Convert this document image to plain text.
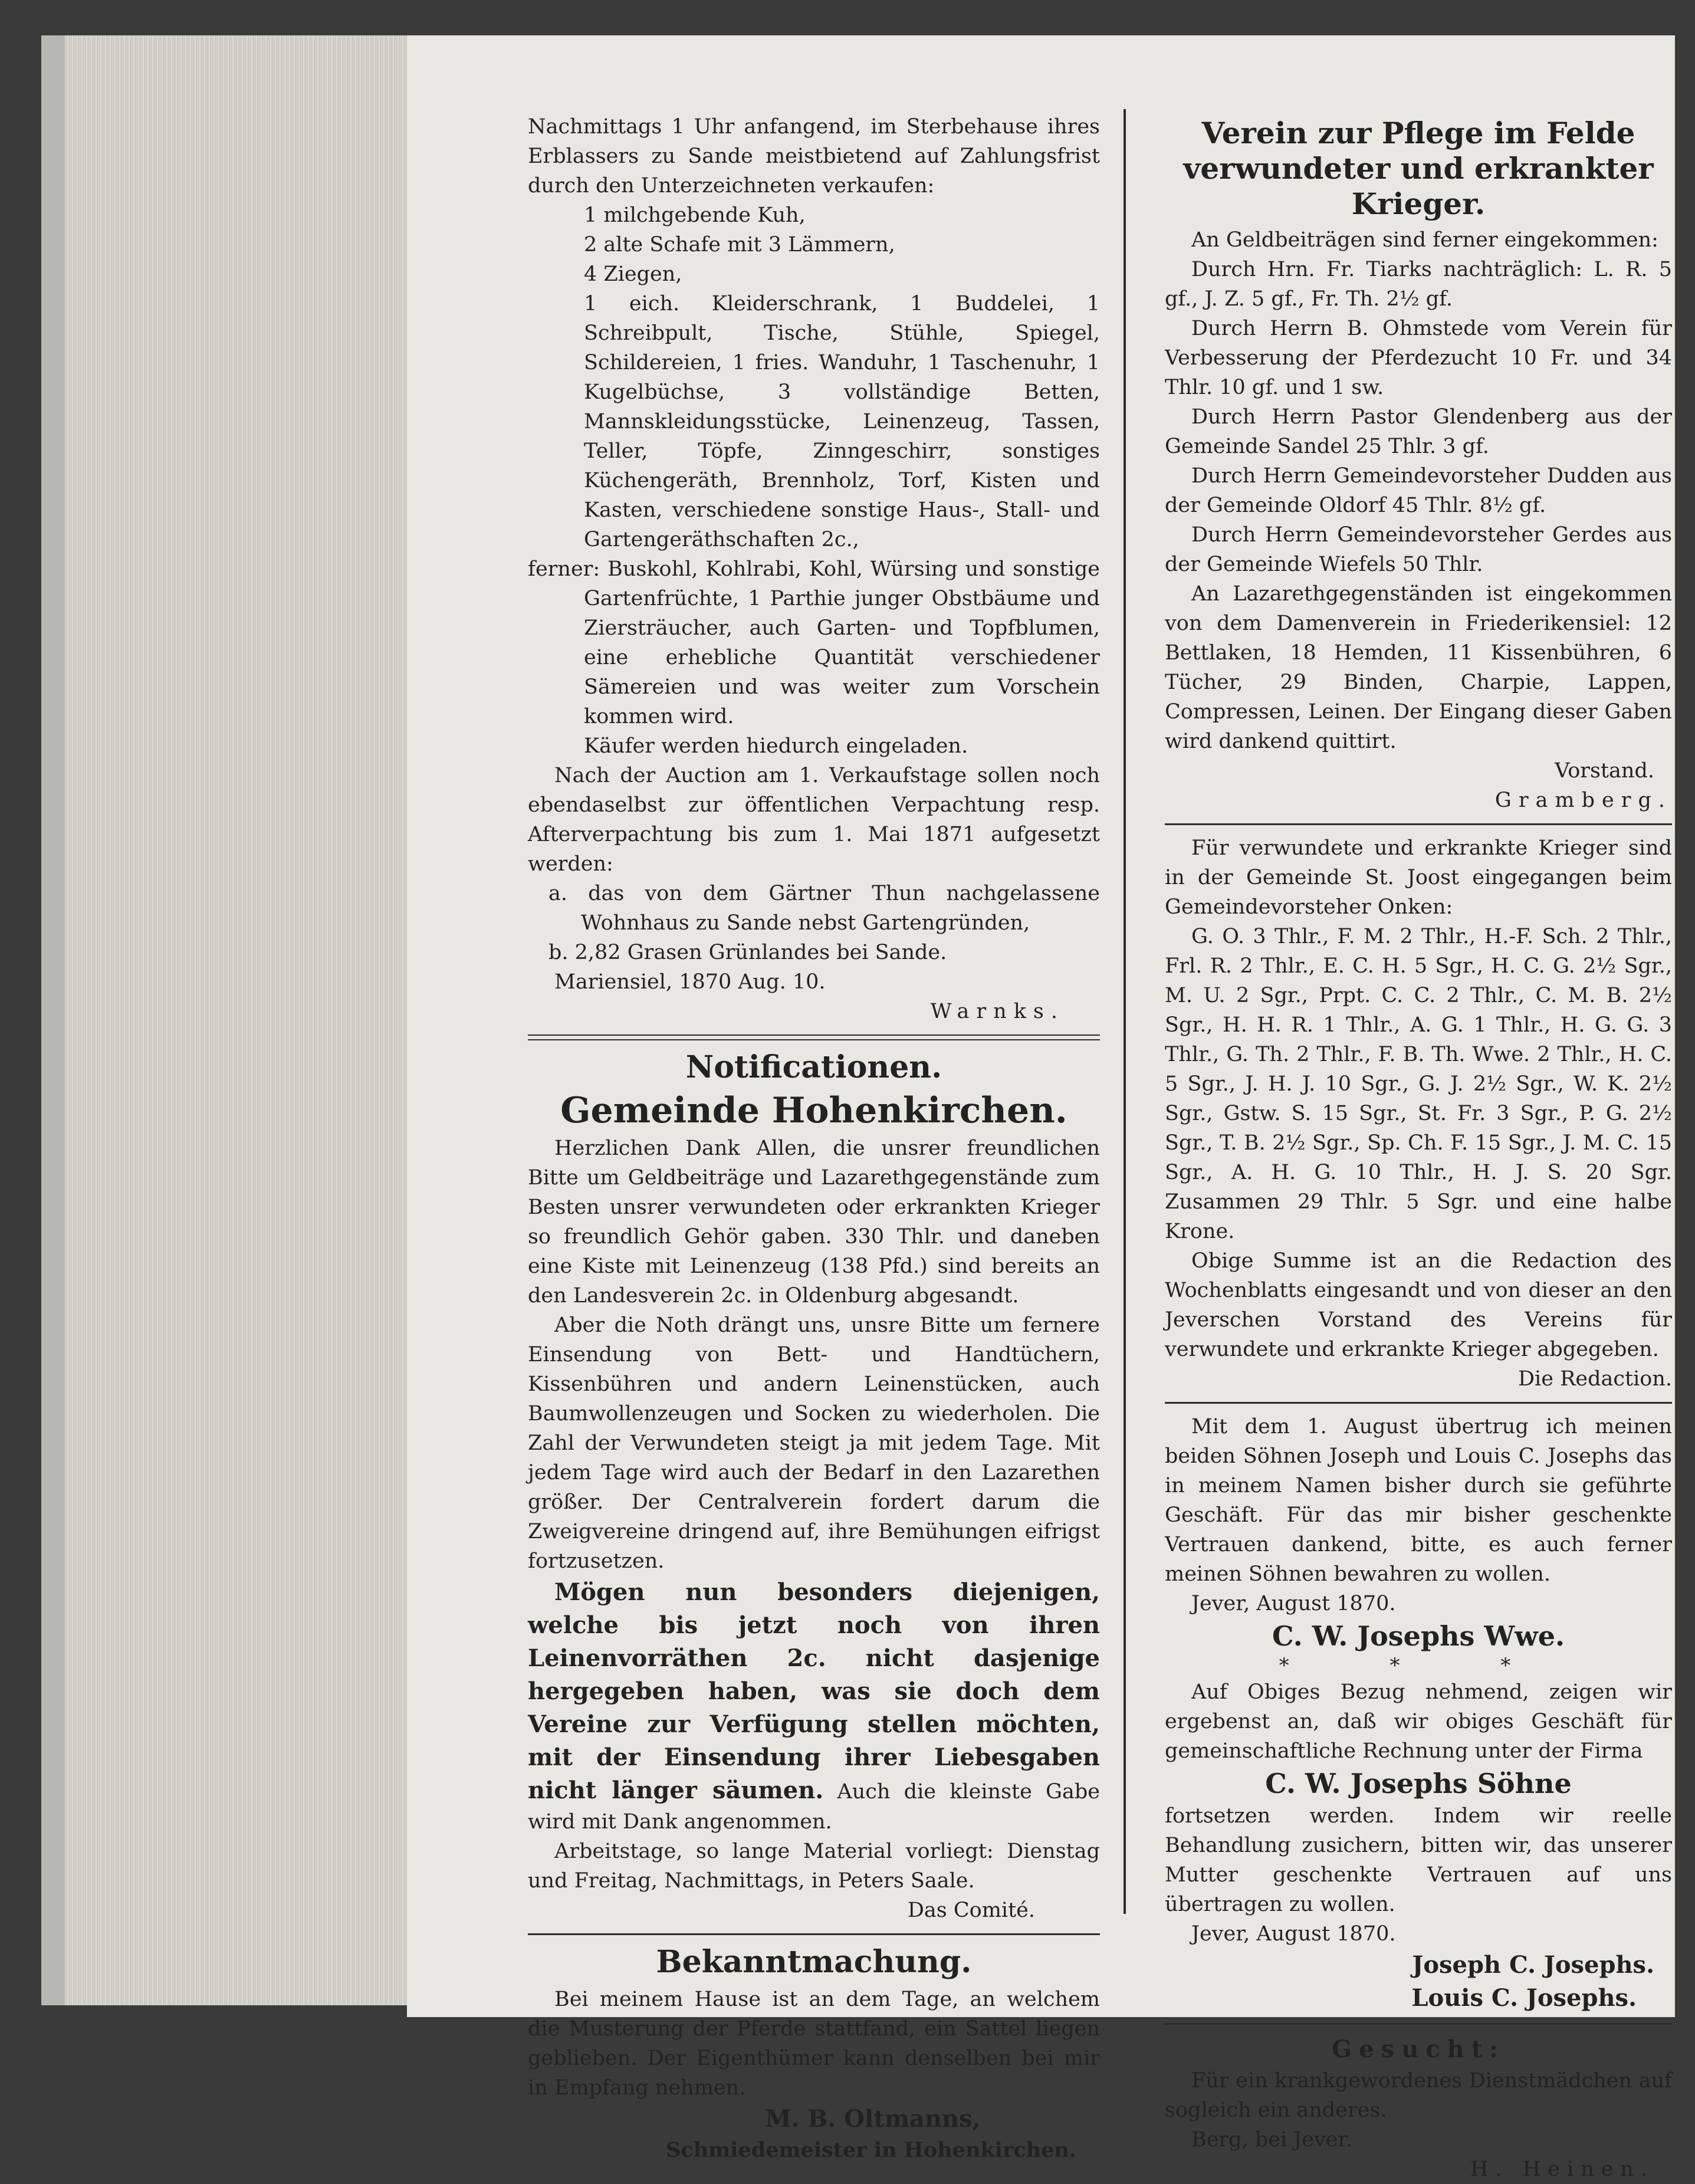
Nachmittags 1 Uhr anfangend, im Sterbehause ihres Erblassers zu Sande meistbietend auf Zahlungsfrist durch den Unterzeichneten verkaufen:

1 milchgebende Kuh,

2 alte Schafe mit 3 Lämmern,

4 Ziegen,

1 eich. Kleiderschrank, 1 Buddelei, 1 Schreibpult, Tische, Stühle, Spiegel, Schildereien, 1 fries. Wanduhr, 1 Taschenuhr, 1 Kugelbüchse, 3 vollständige Betten, Mannskleidungsstücke, Leinenzeug, Tassen, Teller, Töpfe, Zinngeschirr, sonstiges Küchengeräth, Brennholz, Torf, Kisten und Kasten, verschiedene sonstige Haus-, Stall- und Gartengeräthschaften 2c.,

ferner: Buskohl, Kohlrabi, Kohl, Würsing und sonstige Gartenfrüchte, 1 Parthie junger Obstbäume und Ziersträucher, auch Garten- und Topfblumen, eine erhebliche Quantität verschiedener Sämereien und was weiter zum Vorschein kommen wird.

Käufer werden hiedurch eingeladen.

Nach der Auction am 1. Verkaufstage sollen noch ebendaselbst zur öffentlichen Verpachtung resp. Afterverpachtung bis zum 1. Mai 1871 aufgesetzt werden:

a. das von dem Gärtner Thun nachgelassene Wohnhaus zu Sande nebst Gartengründen,

b. 2,82 Grasen Grünlandes bei Sande.

Mariensiel, 1870 Aug. 10.

Warnks.

Notificationen.
Gemeinde Hohenkirchen.

Herzlichen Dank Allen, die unsrer freundlichen Bitte um Geldbeiträge und Lazarethgegenstände zum Besten unsrer verwundeten oder erkrankten Krieger so freundlich Gehör gaben. 330 Thlr. und daneben eine Kiste mit Leinenzeug (138 Pfd.) sind bereits an den Landesverein 2c. in Oldenburg abgesandt.

Aber die Noth drängt uns, unsre Bitte um fernere Einsendung von Bett- und Handtüchern, Kissenbühren und andern Leinenstücken, auch Baumwollenzeugen und Socken zu wiederholen. Die Zahl der Verwundeten steigt ja mit jedem Tage. Mit jedem Tage wird auch der Bedarf in den Lazarethen größer. Der Centralverein fordert darum die Zweigvereine dringend auf, ihre Bemühungen eifrigst fortzusetzen.

Mögen nun besonders diejenigen, welche bis jetzt noch von ihren Leinenvorräthen 2c. nicht dasjenige hergegeben haben, was sie doch dem Vereine zur Verfügung stellen möchten, mit der Einsendung ihrer Liebesgaben nicht länger säumen. Auch die kleinste Gabe wird mit Dank angenommen.

Arbeitstage, so lange Material vorliegt: Dienstag und Freitag, Nachmittags, in Peters Saale.

Das Comité.

Bekanntmachung.

Bei meinem Hause ist an dem Tage, an welchem die Musterung der Pferde stattfand, ein Sattel liegen geblieben. Der Eigenthümer kann denselben bei mir in Empfang nehmen.

M. B. Oltmanns,

Schmiedemeister in Hohenkirchen.

Verein zur Pflege im Felde verwundeter und erkrankter Krieger.

An Geldbeiträgen sind ferner eingekommen:

Durch Hrn. Fr. Tiarks nachträglich: L. R. 5 gf., J. Z. 5 gf., Fr. Th. 2½ gf.

Durch Herrn B. Ohmstede vom Verein für Verbesserung der Pferdezucht 10 Fr. und 34 Thlr. 10 gf. und 1 sw.

Durch Herrn Pastor Glendenberg aus der Gemeinde Sandel 25 Thlr. 3 gf.

Durch Herrn Gemeindevorsteher Dudden aus der Gemeinde Oldorf 45 Thlr. 8½ gf.

Durch Herrn Gemeindevorsteher Gerdes aus der Gemeinde Wiefels 50 Thlr.

An Lazarethgegenständen ist eingekommen von dem Damenverein in Friederikensiel: 12 Bettlaken, 18 Hemden, 11 Kissenbühren, 6 Tücher, 29 Binden, Charpie, Lappen, Compressen, Leinen. Der Eingang dieser Gaben wird dankend quittirt.

Vorstand.

Gramberg.

Für verwundete und erkrankte Krieger sind in der Gemeinde St. Joost eingegangen beim Gemeindevorsteher Onken:

G. O. 3 Thlr., F. M. 2 Thlr., H.-F. Sch. 2 Thlr., Frl. R. 2 Thlr., E. C. H. 5 Sgr., H. C. G. 2½ Sgr., M. U. 2 Sgr., Prpt. C. C. 2 Thlr., C. M. B. 2½ Sgr., H. H. R. 1 Thlr., A. G. 1 Thlr., H. G. G. 3 Thlr., G. Th. 2 Thlr., F. B. Th. Wwe. 2 Thlr., H. C. 5 Sgr., J. H. J. 10 Sgr., G. J. 2½ Sgr., W. K. 2½ Sgr., Gstw. S. 15 Sgr., St. Fr. 3 Sgr., P. G. 2½ Sgr., T. B. 2½ Sgr., Sp. Ch. F. 15 Sgr., J. M. C. 15 Sgr., A. H. G. 10 Thlr., H. J. S. 20 Sgr. Zusammen 29 Thlr. 5 Sgr. und eine halbe Krone.

Obige Summe ist an die Redaction des Wochenblatts eingesandt und von dieser an den Jeverschen Vorstand des Vereins für verwundete und erkrankte Krieger abgegeben.

Die Redaction.

Mit dem 1. August übertrug ich meinen beiden Söhnen Joseph und Louis C. Josephs das in meinem Namen bisher durch sie geführte Geschäft. Für das mir bisher geschenkte Vertrauen dankend, bitte, es auch ferner meinen Söhnen bewahren zu wollen.

Jever, August 1870.

C. W. Josephs Wwe.
* * *

Auf Obiges Bezug nehmend, zeigen wir ergebenst an, daß wir obiges Geschäft für gemeinschaftliche Rechnung unter der Firma

C. W. Josephs Söhne

fortsetzen werden. Indem wir reelle Behandlung zusichern, bitten wir, das unserer Mutter geschenkte Vertrauen auf uns übertragen zu wollen.

Jever, August 1870.

Joseph C. Josephs.
Louis C. Josephs.
Gesucht:

Für ein krankgewordenes Dienstmädchen auf sogleich ein anderes.

Berg, bei Jever.

H. Heinen.
